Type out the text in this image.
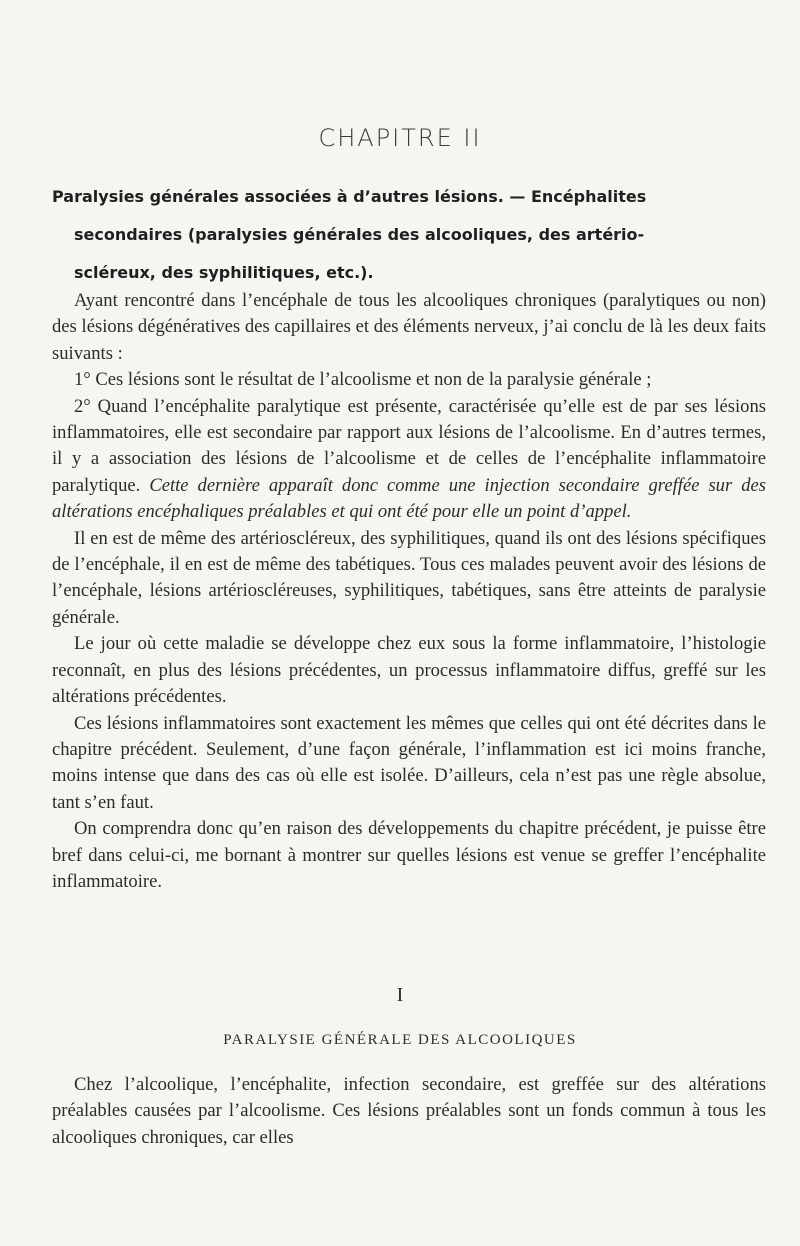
CHAPITRE II
Paralysies générales associées à d’autres lésions. — Encéphalites
secondaires (paralysies générales des alcooliques, des artério-
scléreux, des syphilitiques, etc.).

Ayant rencontré dans l’encéphale de tous les alcooliques chroniques (paralytiques ou non) des lésions dégénératives des capillaires et des éléments nerveux, j’ai conclu de là les deux faits suivants :

1° Ces lésions sont le résultat de l’alcoolisme et non de la paralysie générale ;

2° Quand l’encéphalite paralytique est présente, caractérisée qu’elle est de par ses lésions inflammatoires, elle est secondaire par rapport aux lésions de l’alcoolisme. En d’autres termes, il y a association des lésions de l’alcoolisme et de celles de l’encéphalite inflammatoire paralytique. Cette dernière apparaît donc comme une injection secondaire greffée sur des altérations encéphaliques préalables et qui ont été pour elle un point d’appel.

Il en est de même des artérioscléreux, des syphilitiques, quand ils ont des lésions spécifiques de l’encéphale, il en est de même des tabétiques. Tous ces malades peuvent avoir des lésions de l’encéphale, lésions artérioscléreuses, syphilitiques, tabétiques, sans être atteints de paralysie générale.

Le jour où cette maladie se développe chez eux sous la forme inflammatoire, l’histologie reconnaît, en plus des lésions précédentes, un processus inflammatoire diffus, greffé sur les altérations précédentes.

Ces lésions inflammatoires sont exactement les mêmes que celles qui ont été décrites dans le chapitre précédent. Seulement, d’une façon générale, l’inflammation est ici moins franche, moins intense que dans des cas où elle est isolée. D’ailleurs, cela n’est pas une règle absolue, tant s’en faut.

On comprendra donc qu’en raison des développements du chapitre précédent, je puisse être bref dans celui-ci, me bornant à montrer sur quelles lésions est venue se greffer l’encéphalite inflammatoire.

I
PARALYSIE GÉNÉRALE DES ALCOOLIQUES

Chez l’alcoolique, l’encéphalite, infection secondaire, est greffée sur des altérations préalables causées par l’alcoolisme. Ces lésions préalables sont un fonds commun à tous les alcooliques chroniques, car elles
